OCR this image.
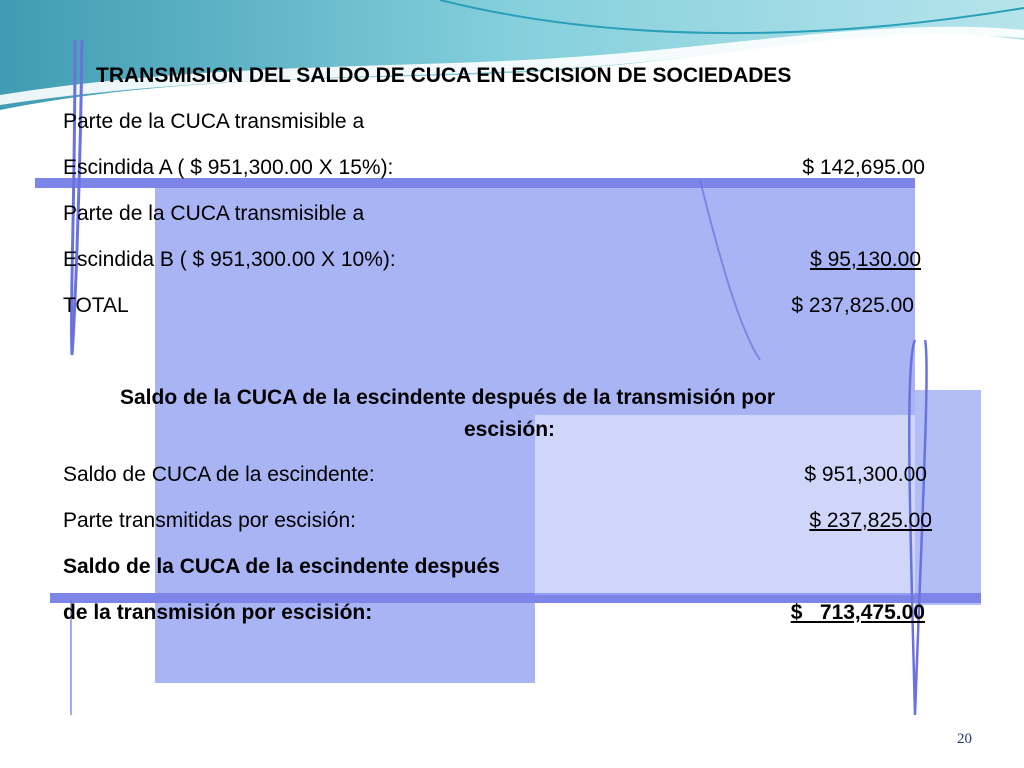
TRANSMISION DEL SALDO DE CUCA EN ESCISION DE SOCIEDADES
Parte de la CUCA transmisible a
Escindida A ( $ 951,300.00 X 15%):	$ 142,695.00
Parte de la CUCA transmisible a
Escindida B ( $ 951,300.00 X 10%):	$ 95,130.00
TOTAL	$ 237,825.00
Saldo de la CUCA de la escindente después de la transmisión por
escisión:
Saldo de CUCA de la escindente:	$ 951,300.00
Parte transmitidas por escisión:	$ 237,825.00
Saldo de la CUCA de la escindente después
de la transmisión por escisión:	$   713,475.00
20
